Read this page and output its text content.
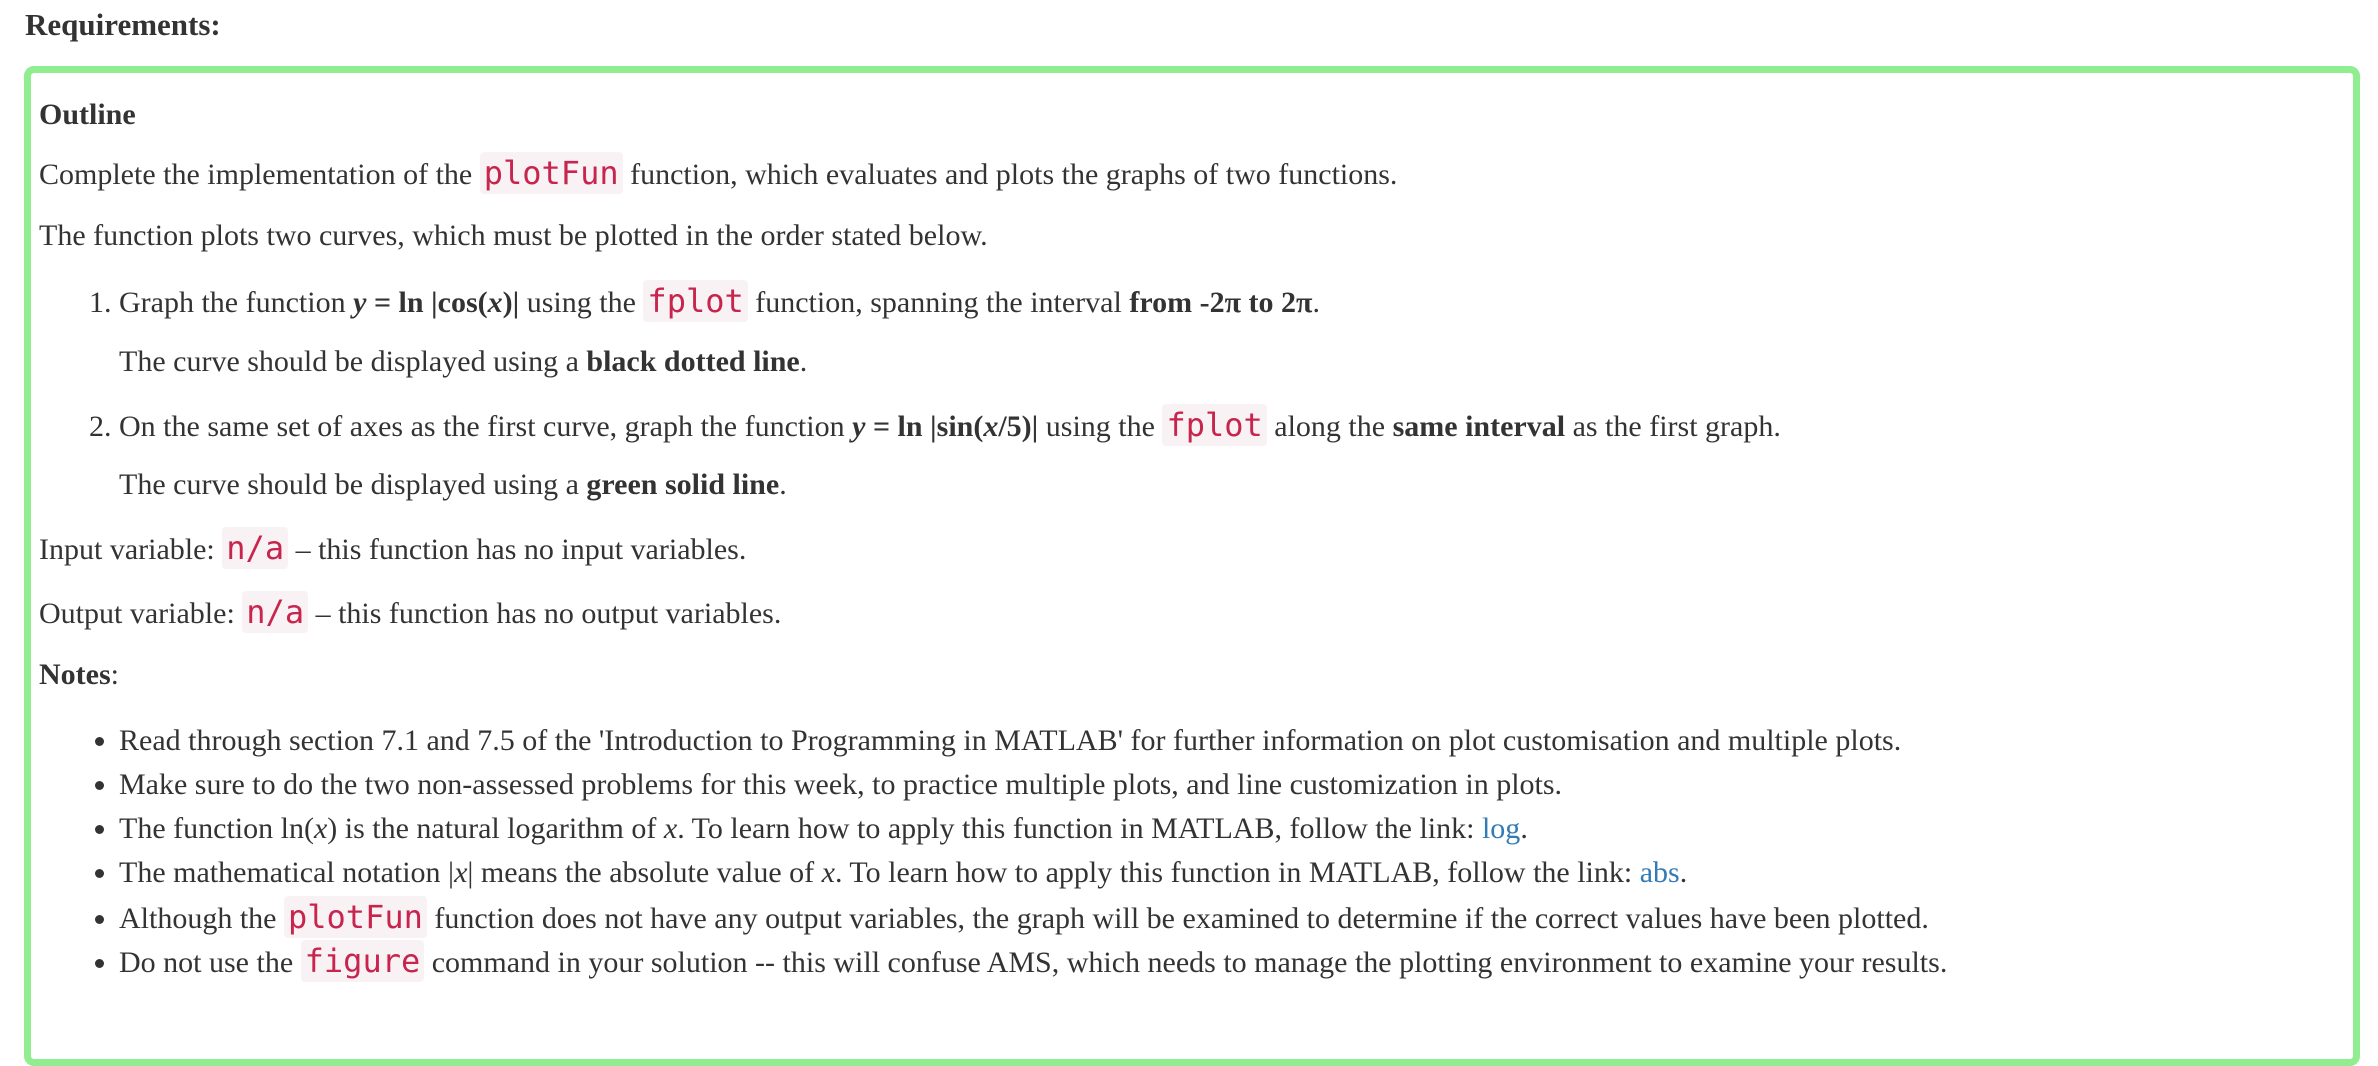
Requirements:

Outline

Complete the implementation of the plotFun function, which evaluates and plots the graphs of two functions.

The function plots two curves, which must be plotted in the order stated below.

1. Graph the function y = ln |cos(x)| using the fplot function, spanning the interval from -2π to 2π.

The curve should be displayed using a black dotted line.

2. On the same set of axes as the first curve, graph the function y = ln |sin(x/5)| using the fplot along the same interval as the first graph.

The curve should be displayed using a green solid line.

Input variable: n/a – this function has no input variables.

Output variable: n/a – this function has no output variables.

Notes:

• Read through section 7.1 and 7.5 of the 'Introduction to Programming in MATLAB' for further information on plot customisation and multiple plots.
• Make sure to do the two non-assessed problems for this week, to practice multiple plots, and line customization in plots.
• The function ln(x) is the natural logarithm of x. To learn how to apply this function in MATLAB, follow the link: log.
• The mathematical notation |x| means the absolute value of x. To learn how to apply this function in MATLAB, follow the link: abs.
• Although the plotFun function does not have any output variables, the graph will be examined to determine if the correct values have been plotted.
• Do not use the figure command in your solution -- this will confuse AMS, which needs to manage the plotting environment to examine your results.
